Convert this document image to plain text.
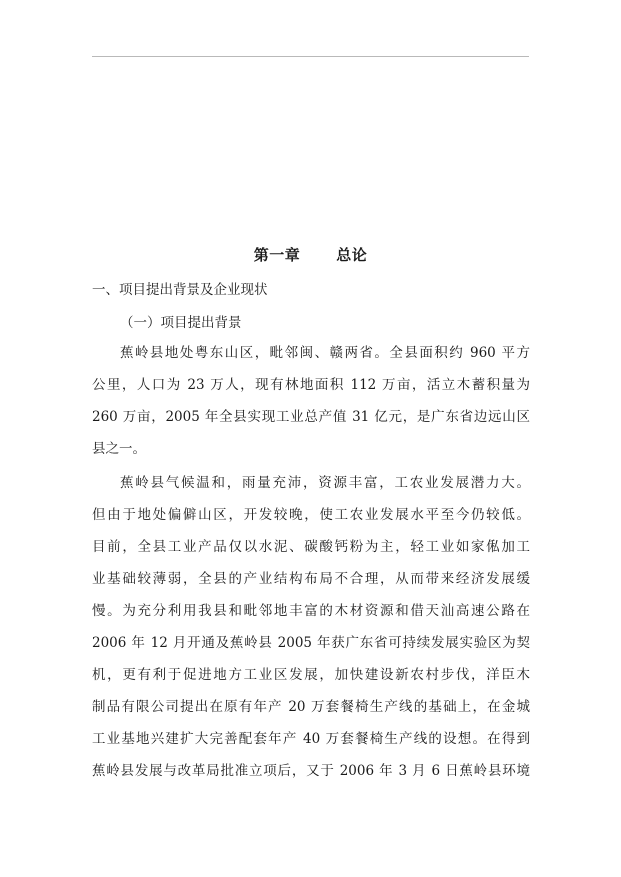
第一章 总论
一、项目提出背景及企业现状
（一）项目提出背景
蕉岭县地处粤东山区，毗邻闽、赣两省。全县面积约 960 平方
公里，人口为 23 万人，现有林地面积 112 万亩，活立木蓄积量为
260 万亩，2005 年全县实现工业总产值 31 亿元，是广东省边远山区
县之一。
蕉岭县气候温和，雨量充沛，资源丰富，工农业发展潜力大。
但由于地处偏僻山区，开发较晚，使工农业发展水平至今仍较低。
目前，全县工业产品仅以水泥、碳酸钙粉为主，轻工业如家俬加工
业基础较薄弱，全县的产业结构布局不合理，从而带来经济发展缓
慢。为充分利用我县和毗邻地丰富的木材资源和借天汕高速公路在
2006 年 12 月开通及蕉岭县 2005 年获广东省可持续发展实验区为契
机，更有利于促进地方工业区发展，加快建设新农村步伐，洋臣木
制品有限公司提出在原有年产 20 万套餐椅生产线的基础上，在金城
工业基地兴建扩大完善配套年产 40 万套餐椅生产线的设想。在得到
蕉岭县发展与改革局批准立项后，又于 2006 年 3 月 6 日蕉岭县环境
